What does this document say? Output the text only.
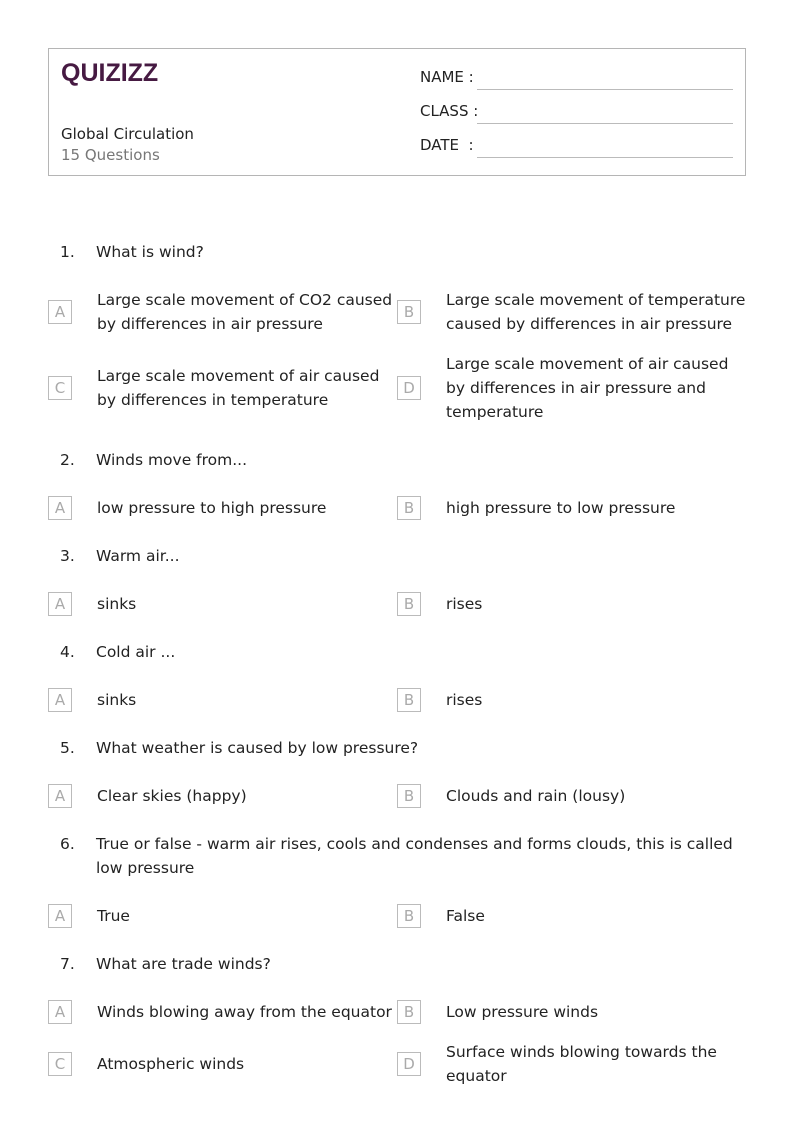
QUIZIZZ
Global Circulation
15 Questions
NAME :
CLASS :
DATE  :
1.	What is wind?
A
Large scale movement of CO2 caused by differences in air pressure
B
Large scale movement of temperature caused by differences in air pressure
C
Large scale movement of air caused by differences in temperature
D
Large scale movement of air caused by differences in air pressure and temperature
2.	Winds move from...
A	low pressure to high pressure	B	high pressure to low pressure
3.	Warm air...
A	sinks	B	rises
4.	Cold air ...
A	sinks	B	rises
5.	What weather is caused by low pressure?
A	Clear skies (happy)	B	Clouds and rain (lousy)
6.	True or false - warm air rises, cools and condenses and forms clouds, this is called low pressure
A	True	B	False
7.	What are trade winds?
A	Winds blowing away from the equator B	Low pressure winds
C	Atmospheric winds	D
Surface winds blowing towards the equator
